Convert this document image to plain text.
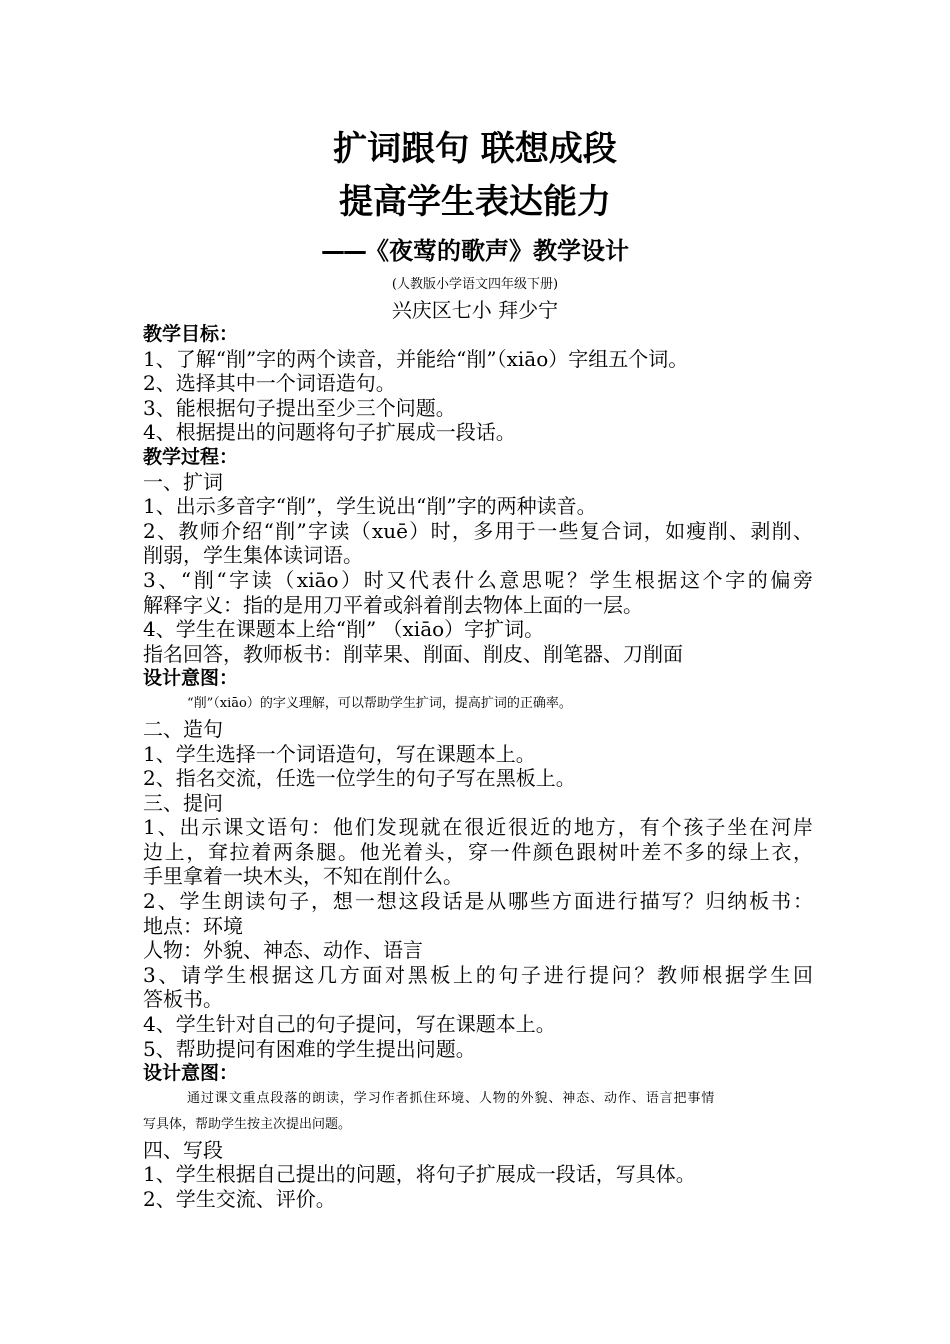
扩词跟句 联想成段
提高学生表达能力
——《夜莺的歌声》教学设计
(人教版小学语文四年级下册)
兴庆区七小 拜少宁
教学目标：
1、了解“削”字的两个读音，并能给“削”（xiāo）字组五个词。
2、选择其中一个词语造句。
3、能根据句子提出至少三个问题。
4、根据提出的问题将句子扩展成一段话。
教学过程：
一、扩词
1、出示多音字“削”，学生说出“削”字的两种读音。
2、教师介绍“削”字读（xuē）时，多用于一些复合词，如瘦削、剥削、
削弱，学生集体读词语。
3、“削“字读（xiāo）时又代表什么意思呢？学生根据这个字的偏旁
解释字义：指的是用刀平着或斜着削去物体上面的一层。
4、学生在课题本上给“削” （xiāo）字扩词。
指名回答，教师板书：削苹果、削面、削皮、削笔器、刀削面
设计意图：
“削”（xiāo）的字义理解，可以帮助学生扩词，提高扩词的正确率。
二、造句
1、学生选择一个词语造句，写在课题本上。
2、指名交流，任选一位学生的句子写在黑板上。
三、提问
1、出示课文语句：他们发现就在很近很近的地方，有个孩子坐在河岸
边上，耷拉着两条腿。他光着头，穿一件颜色跟树叶差不多的绿上衣，
手里拿着一块木头，不知在削什么。
2、学生朗读句子，想一想这段话是从哪些方面进行描写？归纳板书：
地点：环境
人物：外貌、神态、动作、语言
3、请学生根据这几方面对黑板上的句子进行提问？教师根据学生回
答板书。
4、学生针对自己的句子提问，写在课题本上。
5、帮助提问有困难的学生提出问题。
设计意图：
通过课文重点段落的朗读，学习作者抓住环境、人物的外貌、神态、动作、语言把事情
写具体，帮助学生按主次提出问题。
四、写段
1、学生根据自己提出的问题，将句子扩展成一段话，写具体。
2、学生交流、评价。
